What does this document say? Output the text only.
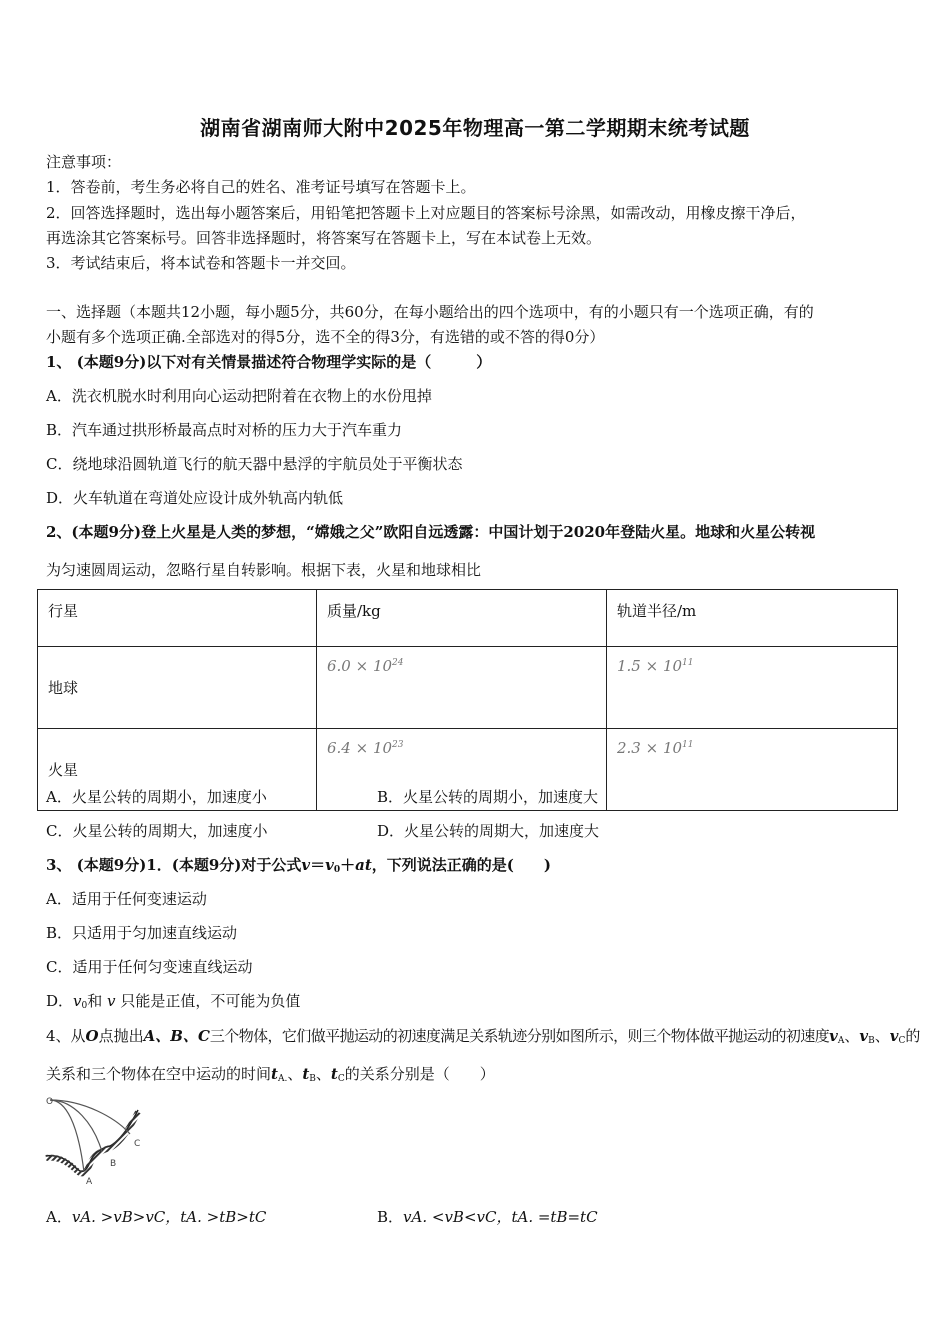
湖南省湖南师大附中2025年物理高一第二学期期末统考试题
注意事项：
1．答卷前，考生务必将自己的姓名、准考证号填写在答题卡上。
2．回答选择题时，选出每小题答案后，用铅笔把答题卡上对应题目的答案标号涂黑，如需改动，用橡皮擦干净后，
再选涂其它答案标号。回答非选择题时，将答案写在答题卡上，写在本试卷上无效。
3．考试结束后，将本试卷和答题卡一并交回。
一、选择题（本题共12小题，每小题5分，共60分，在每小题给出的四个选项中，有的小题只有一个选项正确，有的
小题有多个选项正确.全部选对的得5分，选不全的得3分，有选错的或不答的得0分）
1、 (本题9分)以下对有关情景描述符合物理学实际的是（　　　）
A．洗衣机脱水时利用向心运动把附着在衣物上的水份甩掉
B．汽车通过拱形桥最高点时对桥的压力大于汽车重力
C．绕地球沿圆轨道飞行的航天器中悬浮的宇航员处于平衡状态
D．火车轨道在弯道处应设计成外轨高内轨低
2、(本题9分)登上火星是人类的梦想，“嫦娥之父”欧阳自远透露：中国计划于2020年登陆火星。地球和火星公转视
为匀速圆周运动，忽略行星自转影响。根据下表，火星和地球相比
行星	质量/kg	轨道半径/m
地球	$6.0 \times 10^{24}$	$1.5 \times 10^{11}$
火星	$6.4 \times 10^{23}$	$2.3 \times 10^{11}$
A．火星公转的周期小，加速度小	B．火星公转的周期小，加速度大
C．火星公转的周期大，加速度小	D．火星公转的周期大，加速度大
3、 (本题9分)1．(本题9分)对于公式$v=v_0+at$，下列说法正确的是(　　)
A．适用于任何变速运动
B．只适用于匀加速直线运动
C．适用于任何匀变速直线运动
D．$v_0$和 v 只能是正值，不可能为负值
4、从O点抛出A、B、C三个物体，它们做平抛运动的初速度满足关系轨迹分别如图所示，则三个物体做平抛运动的初速度$v_A$、$v_B$、$v_C$的
关系和三个物体在空中运动的时间$t_{A.}$、$t_B$、$t_C$的关系分别是（　　）
O
A
B
C
A．vA. >vB>vC，tA. >tB>tC	B．vA. <vB<vC，tA. =tB=tC
